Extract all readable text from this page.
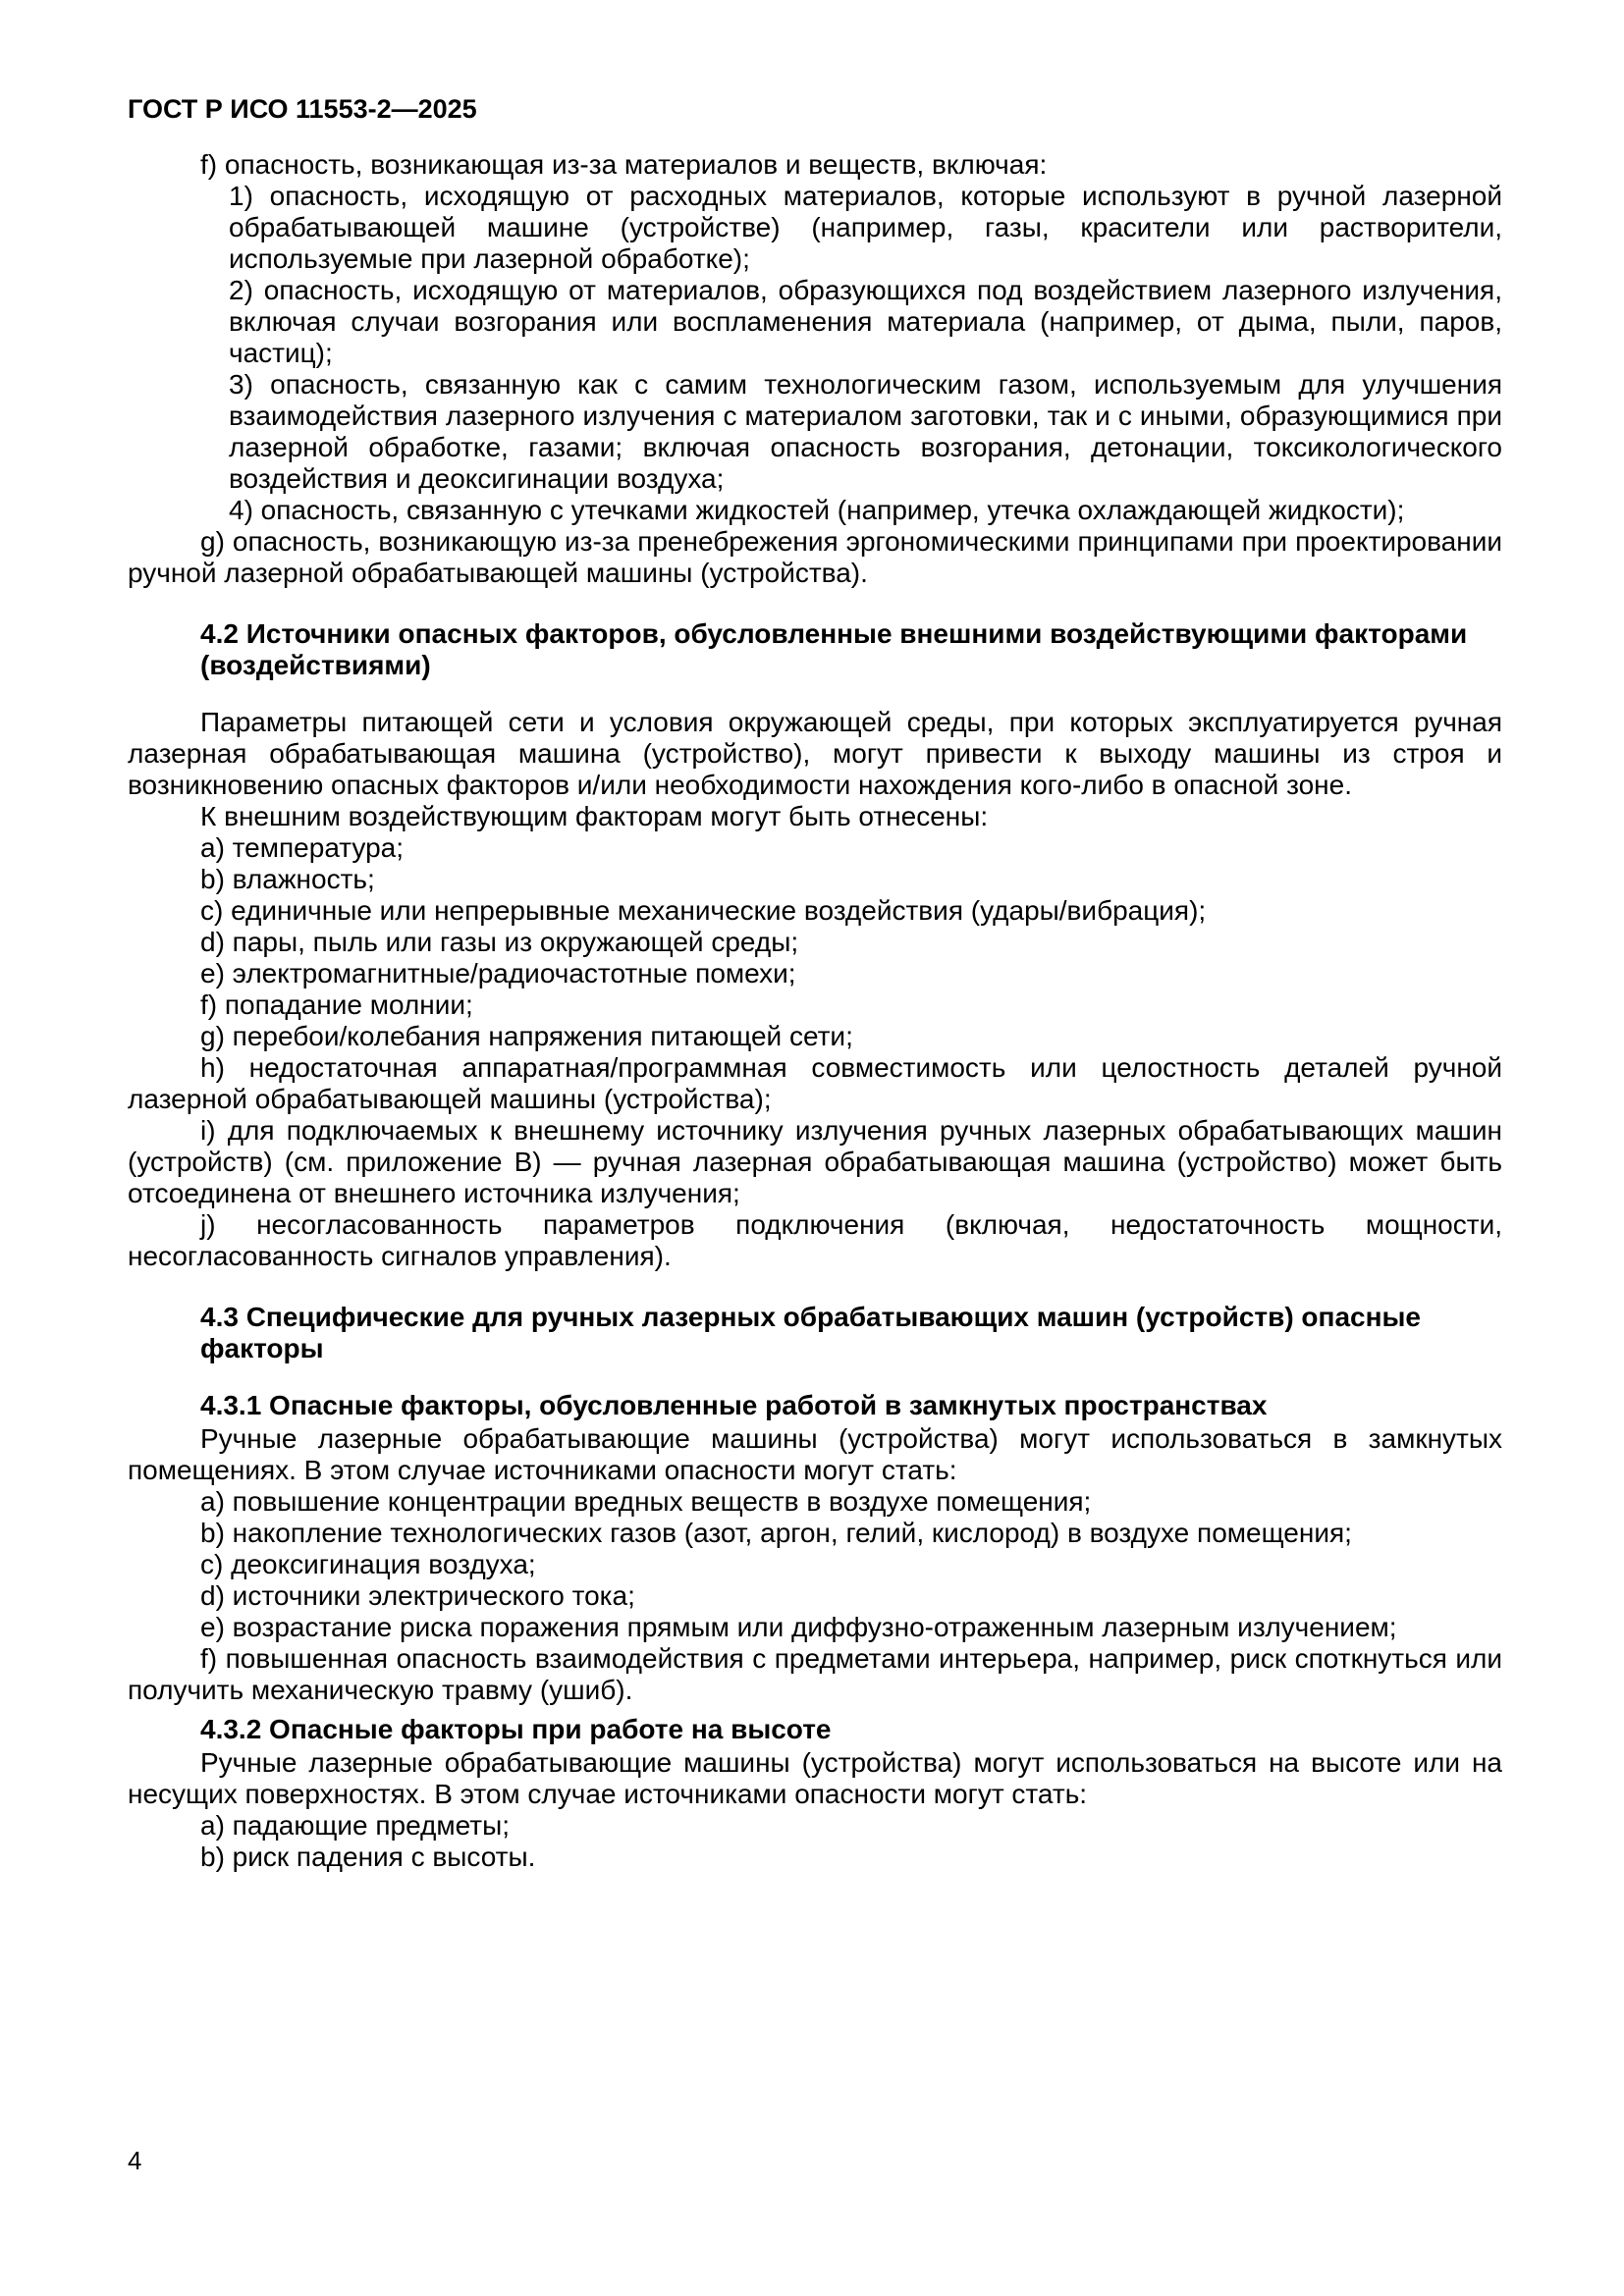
ГОСТ Р ИСО 11553-2—2025
f) опасность, возникающая из-за материалов и веществ, включая:
1) опасность, исходящую от расходных материалов, которые используют в ручной лазерной обрабатывающей машине (устройстве) (например, газы, красители или растворители, используемые при лазерной обработке);
2) опасность, исходящую от материалов, образующихся под воздействием лазерного излучения, включая случаи возгорания или воспламенения материала (например, от дыма, пыли, паров, частиц);
3) опасность, связанную как с самим технологическим газом, используемым для улучшения взаимодействия лазерного излучения с материалом заготовки, так и с иными, образующимися при лазерной обработке, газами; включая опасность возгорания, детонации, токсикологического воздействия и деоксигинации воздуха;
4) опасность, связанную с утечками жидкостей (например, утечка охлаждающей жидкости);
g) опасность, возникающую из-за пренебрежения эргономическими принципами при проектировании ручной лазерной обрабатывающей машины (устройства).
4.2 Источники опасных факторов, обусловленные внешними воздействующими факторами (воздействиями)
Параметры питающей сети и условия окружающей среды, при которых эксплуатируется ручная лазерная обрабатывающая машина (устройство), могут привести к выходу машины из строя и возникновению опасных факторов и/или необходимости нахождения кого-либо в опасной зоне.
К внешним воздействующим факторам могут быть отнесены:
a) температура;
b) влажность;
c) единичные или непрерывные механические воздействия (удары/вибрация);
d) пары, пыль или газы из окружающей среды;
e) электромагнитные/радиочастотные помехи;
f) попадание молнии;
g) перебои/колебания напряжения питающей сети;
h) недостаточная аппаратная/программная совместимость или целостность деталей ручной лазерной обрабатывающей машины (устройства);
i) для подключаемых к внешнему источнику излучения ручных лазерных обрабатывающих машин (устройств) (см. приложение B) — ручная лазерная обрабатывающая машина (устройство) может быть отсоединена от внешнего источника излучения;
j) несогласованность параметров подключения (включая, недостаточность мощности, несогласованность сигналов управления).
4.3 Специфические для ручных лазерных обрабатывающих машин (устройств) опасные факторы
4.3.1 Опасные факторы, обусловленные работой в замкнутых пространствах
Ручные лазерные обрабатывающие машины (устройства) могут использоваться в замкнутых помещениях. В этом случае источниками опасности могут стать:
a) повышение концентрации вредных веществ в воздухе помещения;
b) накопление технологических газов (азот, аргон, гелий, кислород) в воздухе помещения;
c) деоксигинация воздуха;
d) источники электрического тока;
e) возрастание риска поражения прямым или диффузно-отраженным лазерным излучением;
f) повышенная опасность взаимодействия с предметами интерьера, например, риск споткнуться или получить механическую травму (ушиб).
4.3.2 Опасные факторы при работе на высоте
Ручные лазерные обрабатывающие машины (устройства) могут использоваться на высоте или на несущих поверхностях. В этом случае источниками опасности могут стать:
a) падающие предметы;
b) риск падения с высоты.
4
